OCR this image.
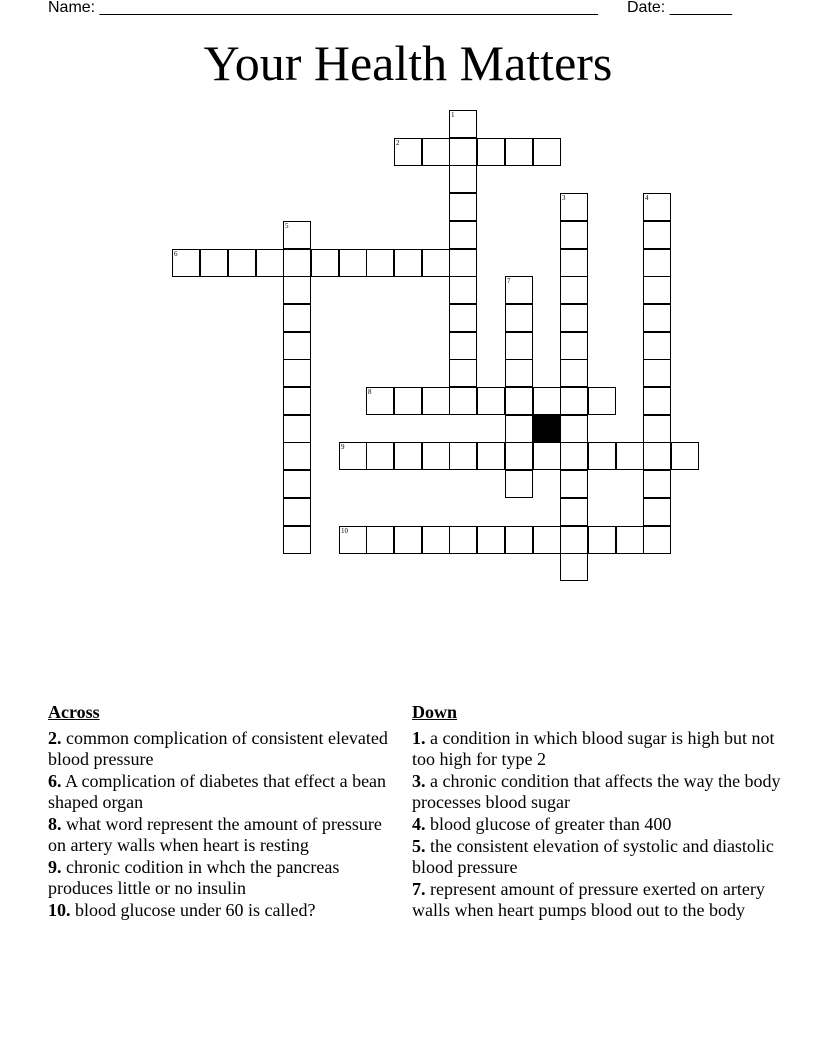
Name: ________________________________________________________ Date: _______
Your Health Matters
1
2
3	4
5
6
7
8
9
10
Across
2. common complication of consistent elevated blood pressure
6. A complication of diabetes that effect a bean shaped organ
8. what word represent the amount of pressure on artery walls when heart is resting
9. chronic codition in whch the pancreas produces little or no insulin
10. blood glucose under 60 is called?
Down
1. a condition in which blood sugar is high but not too high for type 2
3. a chronic condition that affects the way the body processes blood sugar
4. blood glucose of greater than 400
5. the consistent elevation of systolic and diastolic blood pressure
7. represent amount of pressure exerted on artery walls when heart pumps blood out to the body
